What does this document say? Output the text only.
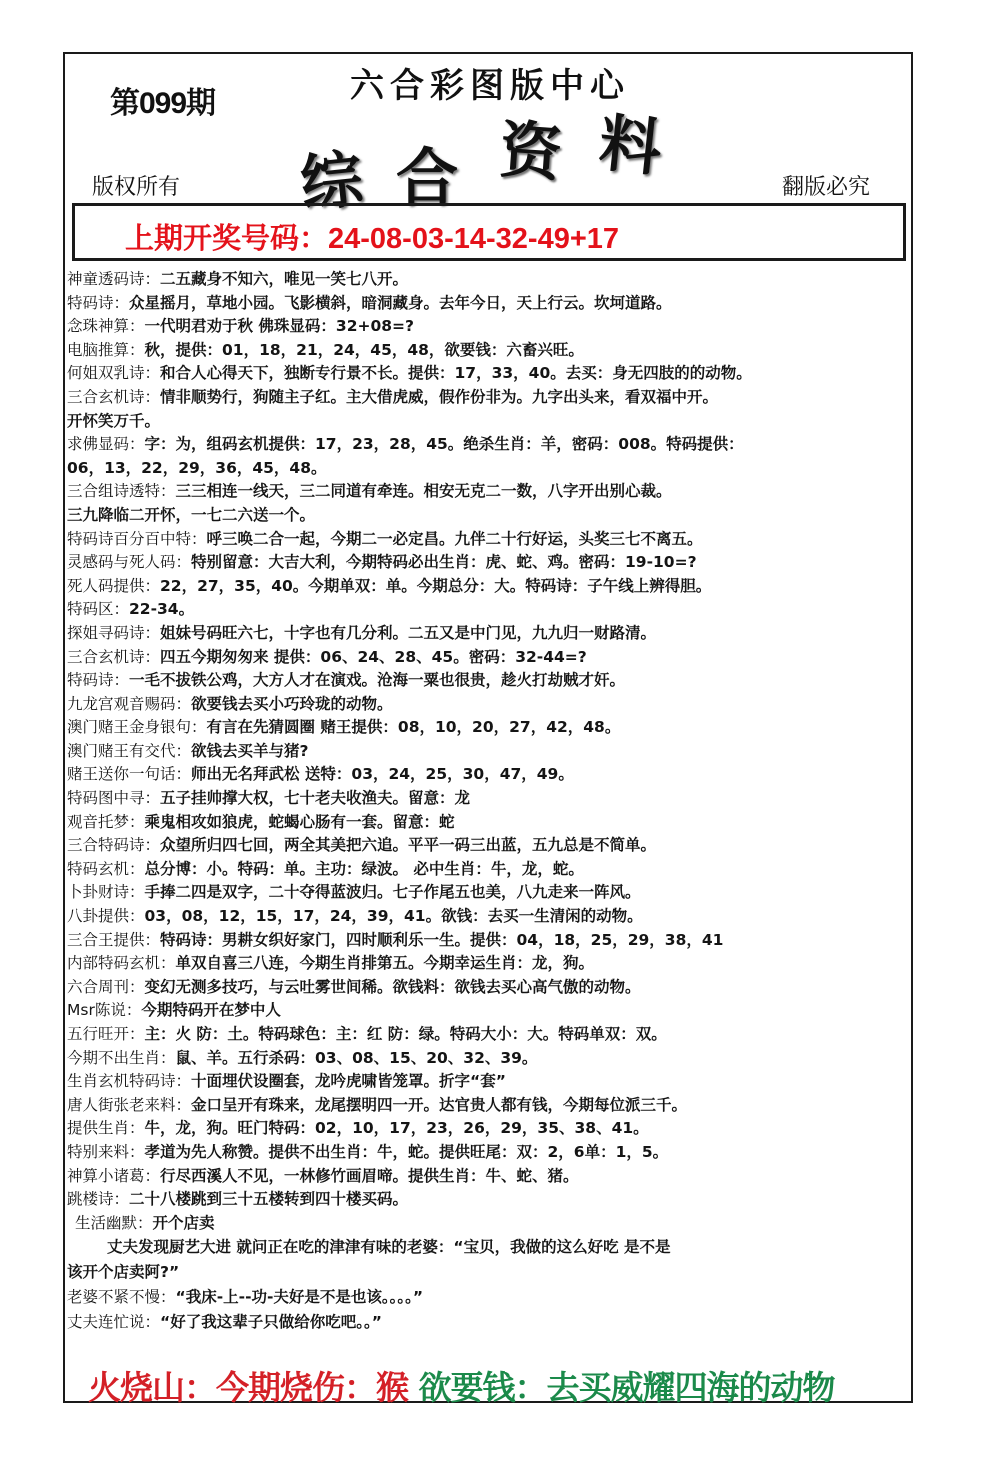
第099期	六合彩图版中心
综 合 资 料
版权所有	翻版必究
上期开奖号码：24-08-03-14-32-49+17
神童透码诗：二五藏身不知六，唯见一笑七八开。
特码诗：众星摇月，草地小园。飞影横斜，暗洞藏身。去年今日，天上行云。坎坷道路。
念珠神算：一代明君劝于秋 佛珠显码：32+08=?
电脑推算：秋，提供：01，18，21，24，45，48，欲要钱：六畜兴旺。
何姐双乳诗：和合人心得天下，独断专行景不长。提供：17，33，40。去买：身无四肢的的动物。
三合玄机诗：情非顺势行，狗随主子红。主大借虎威，假作份非为。九字出头来，看双福中开。
开怀笑万千。
求佛显码：字：为，组码玄机提供：17，23，28，45。绝杀生肖：羊，密码：008。特码提供：
06，13，22，29，36，45，48。
三合组诗透特：三三相连一线天，三二同道有牵连。相安无克二一数，八字开出别心裁。
三九降临二开怀，一七二六送一个。
特码诗百分百中特：呼三唤二合一起，今期二一必定昌。九伴二十行好运，头奖三七不离五。
灵感码与死人码：特别留意：大吉大利，今期特码必出生肖：虎、蛇、鸡。密码：19-10=?
死人码提供：22，27，35，40。今期单双：单。今期总分：大。特码诗：子午线上辨得胆。
特码区：22-34。
探姐寻码诗：姐妹号码旺六七，十字也有几分利。二五又是中门见，九九归一财路清。
三合玄机诗：四五今期匆匆来 提供：06、24、28、45。密码：32-44=?
特码诗：一毛不拔铁公鸡，大方人才在演戏。沧海一粟也很贵，趁火打劫贼才奸。
九龙宫观音赐码：欲要钱去买小巧玲珑的动物。
澳门赌王金身银句：有言在先猜圆圈 赌王提供：08，10，20，27，42，48。
澳门赌王有交代：欲钱去买羊与猪?
赌王送你一句话：师出无名拜武松 送特：03，24，25，30，47，49。
特码图中寻：五子挂帅撑大权，七十老夫收渔夫。留意：龙
观音托梦：乘鬼相攻如狼虎，蛇蝎心肠有一套。留意：蛇
三合特码诗：众望所归四七回，两全其美把六追。平平一码三出蓝，五九总是不简单。
特码玄机：总分博：小。特码：单。主功：绿波。 必中生肖：牛，龙，蛇。
卜卦财诗：手捧二四是双字，二十夺得蓝波归。七子作尾五也美，八九走来一阵风。
八卦提供：03，08，12，15，17，24，39，41。欲钱：去买一生清闲的动物。
三合王提供：特码诗：男耕女织好家门，四时顺利乐一生。提供：04，18，25，29，38，41
内部特码玄机：单双自喜三八连，今期生肖排第五。今期幸运生肖：龙，狗。
六合周刊：变幻无测多技巧，与云吐雾世间稀。欲钱料：欲钱去买心高气傲的动物。
Msr陈说：今期特码开在梦中人
五行旺开：主：火 防：土。特码球色：主：红 防：绿。特码大小：大。特码单双：双。
今期不出生肖：鼠、羊。五行杀码：03、08、15、20、32、39。
生肖玄机特码诗：十面埋伏设圈套，龙吟虎啸皆笼罩。折字“套”
唐人街张老来料：金口呈开有珠来，龙尾摆明四一开。达官贵人都有钱，今期每位派三千。
提供生肖：牛，龙，狗。旺门特码：02，10，17，23，26，29，35、38、41。
特别来料：孝道为先人称赞。提供不出生肖：牛，蛇。提供旺尾：双：2，6单：1，5。
神算小诸葛：行尽西溪人不见，一林修竹画眉啼。提供生肖：牛、蛇、猪。
跳楼诗：二十八楼跳到三十五楼转到四十楼买码。
生活幽默：开个店卖
丈夫发现厨艺大进 就问正在吃的津津有味的老婆：“宝贝，我做的这么好吃 是不是
该开个店卖阿?”
老婆不紧不慢：“我床-上--功-夫好是不是也该。。。。”
丈夫连忙说：“好了我这辈子只做给你吃吧。。”
火烧山：今期烧伤：猴 欲要钱：去买威耀四海的动物
